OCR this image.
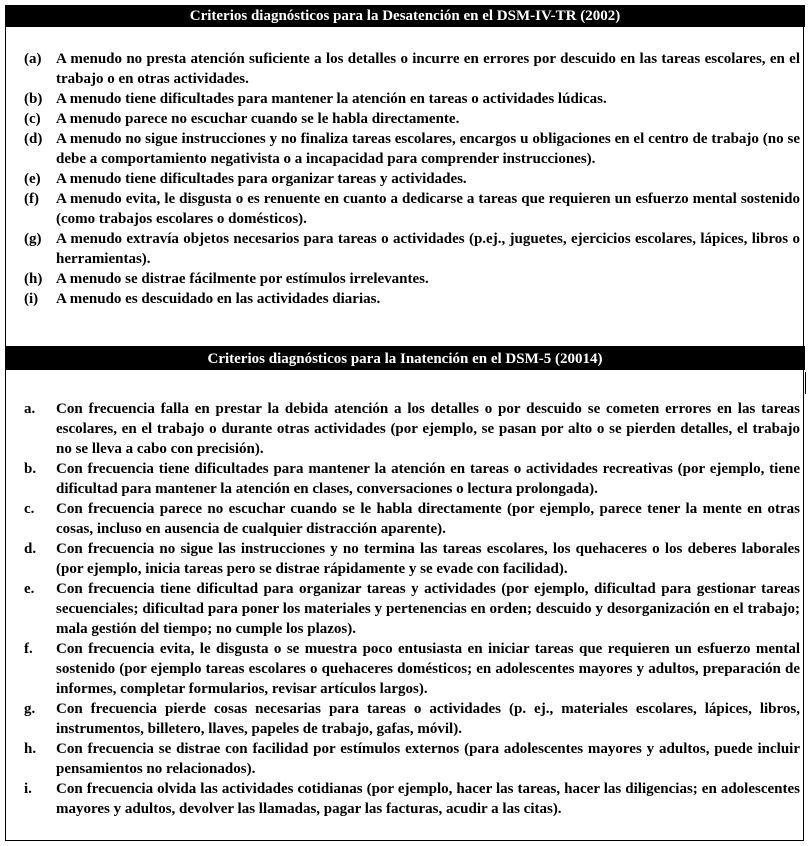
Criterios diagnósticos para la Desatención en el DSM-IV-TR (2002)
(a) A menudo no presta atención suficiente a los detalles o incurre en errores por descuido en las tareas escolares, en el trabajo o en otras actividades.
(b) A menudo tiene dificultades para mantener la atención en tareas o actividades lúdicas.
(c)	A menudo parece no escuchar cuando se le habla directamente.
(d) A menudo no sigue instrucciones y no finaliza tareas escolares, encargos u obligaciones en el centro de trabajo (no se debe a comportamiento negativista o a incapacidad para comprender instrucciones).
(e)	A menudo tiene dificultades para organizar tareas y actividades.
(f)	A menudo evita, le disgusta o es renuente en cuanto a dedicarse a tareas que requieren un esfuerzo mental sostenido (como trabajos escolares o domésticos).
(g) A menudo extravía objetos necesarios para tareas o actividades (p.ej., juguetes, ejercicios escolares, lápices, libros o herramientas).
(h) A menudo se distrae fácilmente por estímulos irrelevantes.
(i)	A menudo es descuidado en las actividades diarias.
Criterios diagnósticos para la Inatención en el DSM-5 (20014)
a.	Con frecuencia falla en prestar la debida atención a los detalles o por descuido se cometen errores en las tareas escolares, en el trabajo o durante otras actividades (por ejemplo, se pasan por alto o se pierden detalles, el trabajo no se lleva a cabo con precisión).
b.	Con frecuencia tiene dificultades para mantener la atención en tareas o actividades recreativas (por ejemplo, tiene dificultad para mantener la atención en clases, conversaciones o lectura prolongada).
c.	Con frecuencia parece no escuchar cuando se le habla directamente (por ejemplo, parece tener la mente en otras cosas, incluso en ausencia de cualquier distracción aparente).
d.	Con frecuencia no sigue las instrucciones y no termina las tareas escolares, los quehaceres o los deberes laborales (por ejemplo, inicia tareas pero se distrae rápidamente y se evade con facilidad).
e.	Con frecuencia tiene dificultad para organizar tareas y actividades (por ejemplo, dificultad para gestionar tareas secuenciales; dificultad para poner los materiales y pertenencias en orden; descuido y desorganización en el trabajo; mala gestión del tiempo; no cumple los plazos).
f.	Con frecuencia evita, le disgusta o se muestra poco entusiasta en iniciar tareas que requieren un esfuerzo mental sostenido (por ejemplo tareas escolares o quehaceres domésticos; en adolescentes mayores y adultos, preparación de informes, completar formularios, revisar artículos largos).
g.	Con frecuencia pierde cosas necesarias para tareas o actividades (p. ej., materiales escolares, lápices, libros, instrumentos, billetero, llaves, papeles de trabajo, gafas, móvil).
h.	Con frecuencia se distrae con facilidad por estímulos externos (para adolescentes mayores y adultos, puede incluir pensamientos no relacionados).
i.	Con frecuencia olvida las actividades cotidianas (por ejemplo, hacer las tareas, hacer las diligencias; en adolescentes mayores y adultos, devolver las llamadas, pagar las facturas, acudir a las citas).
